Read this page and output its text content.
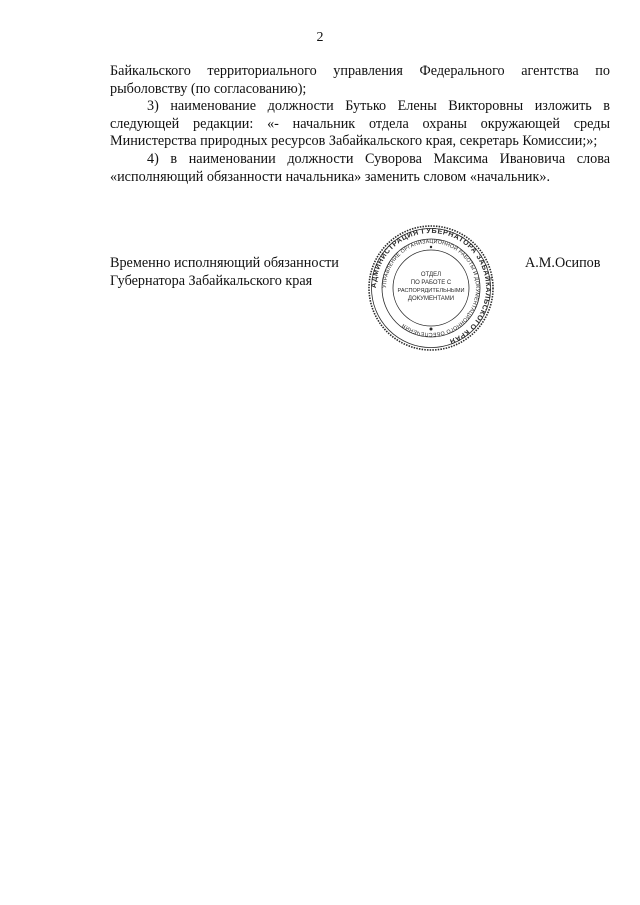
2

Байкальского территориального управления Федерального агентства по рыболовству (по согласованию);

3) наименование должности Бутько Елены Викторовны изложить в следующей редакции: «- начальник отдела охраны окружающей среды Министерства природных ресурсов Забайкальского края, секретарь Комиссии;»;

4) в наименовании должности Суворова Максима Ивановича слова «исполняющий обязанности начальника» заменить словом «начальник».

Временно исполняющий обязанности
Губернатора Забайкальского края
А.М.Осипов
АДМИНИСТРАЦИЯ ГУБЕРНАТОРА ЗАБАЙКАЛЬСКОГО КРАЯ
УПРАВЛЕНИЕ ОРГАНИЗАЦИОННОЙ РАБОТЫ И ДОКУМЕНТАЦИОННОГО ОБЕСПЕЧЕНИЯ
ОТДЕЛ
ПО РАБОТЕ С
РАСПОРЯДИТЕЛЬНЫМИ
ДОКУМЕНТАМИ
